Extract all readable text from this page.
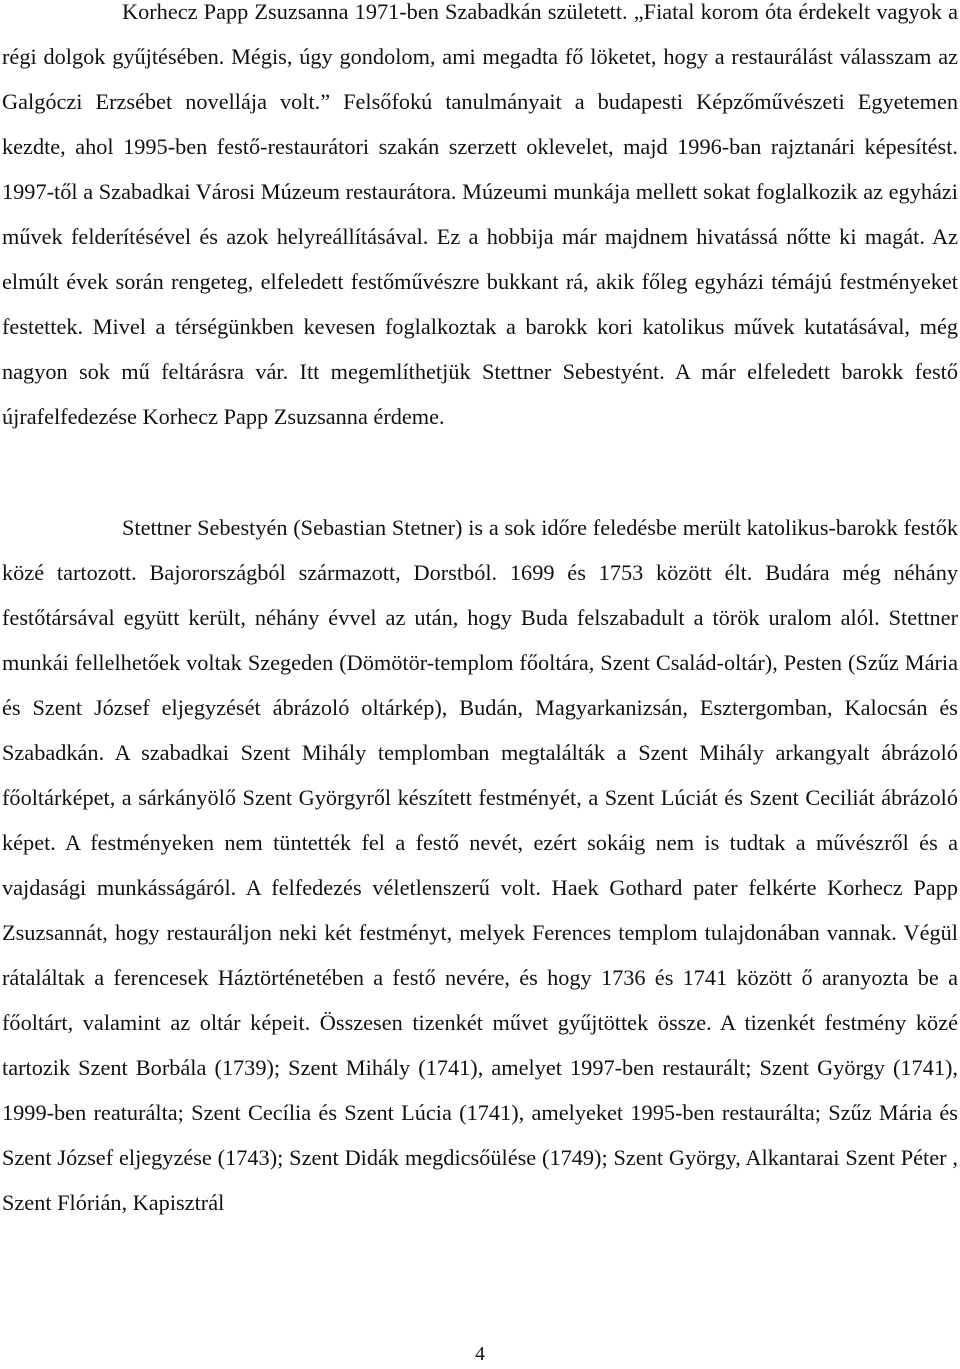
Korhecz Papp Zsuzsanna 1971-ben Szabadkán született. „Fiatal korom óta érdekelt vagyok a régi dolgok gyűjtésében. Mégis, úgy gondolom, ami megadta fő löketet, hogy a restaurálást válasszam az Galgóczi Erzsébet novellája volt.” Felsőfokú tanulmányait a budapesti Képzőművészeti Egyetemen kezdte, ahol 1995-ben festő-restaurátori szakán szerzett oklevelet, majd 1996-ban rajztanári képesítést. 1997-től a Szabadkai Városi Múzeum restaurátora. Múzeumi munkája mellett sokat foglalkozik az egyházi művek felderítésével és azok helyreállításával. Ez a hobbija már majdnem hivatássá nőtte ki magát. Az elmúlt évek során rengeteg, elfeledett festőművészre bukkant rá, akik főleg egyházi témájú festményeket festettek. Mivel a térségünkben kevesen foglalkoztak a barokk kori katolikus művek kutatásával, még nagyon sok mű feltárásra vár. Itt megemlíthetjük Stettner Sebestyént. A már elfeledett barokk festő újrafelfedezése Korhecz Papp Zsuzsanna érdeme.

Stettner Sebestyén (Sebastian Stetner) is a sok időre feledésbe merült katolikus-barokk festők közé tartozott. Bajorországból származott, Dorstból. 1699 és 1753 között élt. Budára még néhány festőtársával együtt került, néhány évvel az után, hogy Buda felszabadult a török uralom alól. Stettner munkái fellelhetőek voltak Szegeden (Dömötör-templom főoltára, Szent Család-oltár), Pesten (Szűz Mária és Szent József eljegyzését ábrázoló oltárkép), Budán, Magyarkanizsán, Esztergomban, Kalocsán és Szabadkán. A szabadkai Szent Mihály templomban megtalálták a Szent Mihály arkangyalt ábrázoló főoltárképet, a sárkányölő Szent Györgyről készített festményét, a Szent Lúciát és Szent Ceciliát ábrázoló képet. A festményeken nem tüntették fel a festő nevét, ezért sokáig nem is tudtak a művészről és a vajdasági munkásságáról. A felfedezés véletlenszerű volt. Haek Gothard pater felkérte Korhecz Papp Zsuzsannát, hogy restauráljon neki két festményt, melyek Ferences templom tulajdonában vannak. Végül rátaláltak a ferencesek Háztörténetében a festő nevére, és hogy 1736 és 1741 között ő aranyozta be a főoltárt, valamint az oltár képeit. Összesen tizenkét művet gyűjtöttek össze. A tizenkét festmény közé tartozik Szent Borbála (1739); Szent Mihály (1741), amelyet 1997-ben restaurált; Szent György (1741), 1999-ben reaturálta; Szent Cecília és Szent Lúcia (1741), amelyeket 1995-ben restaurálta; Szűz Mária és Szent József eljegyzése (1743); Szent Didák megdicsőülése (1749); Szent György, Alkantarai Szent Péter , Szent Flórián, Kapisztrál

4
